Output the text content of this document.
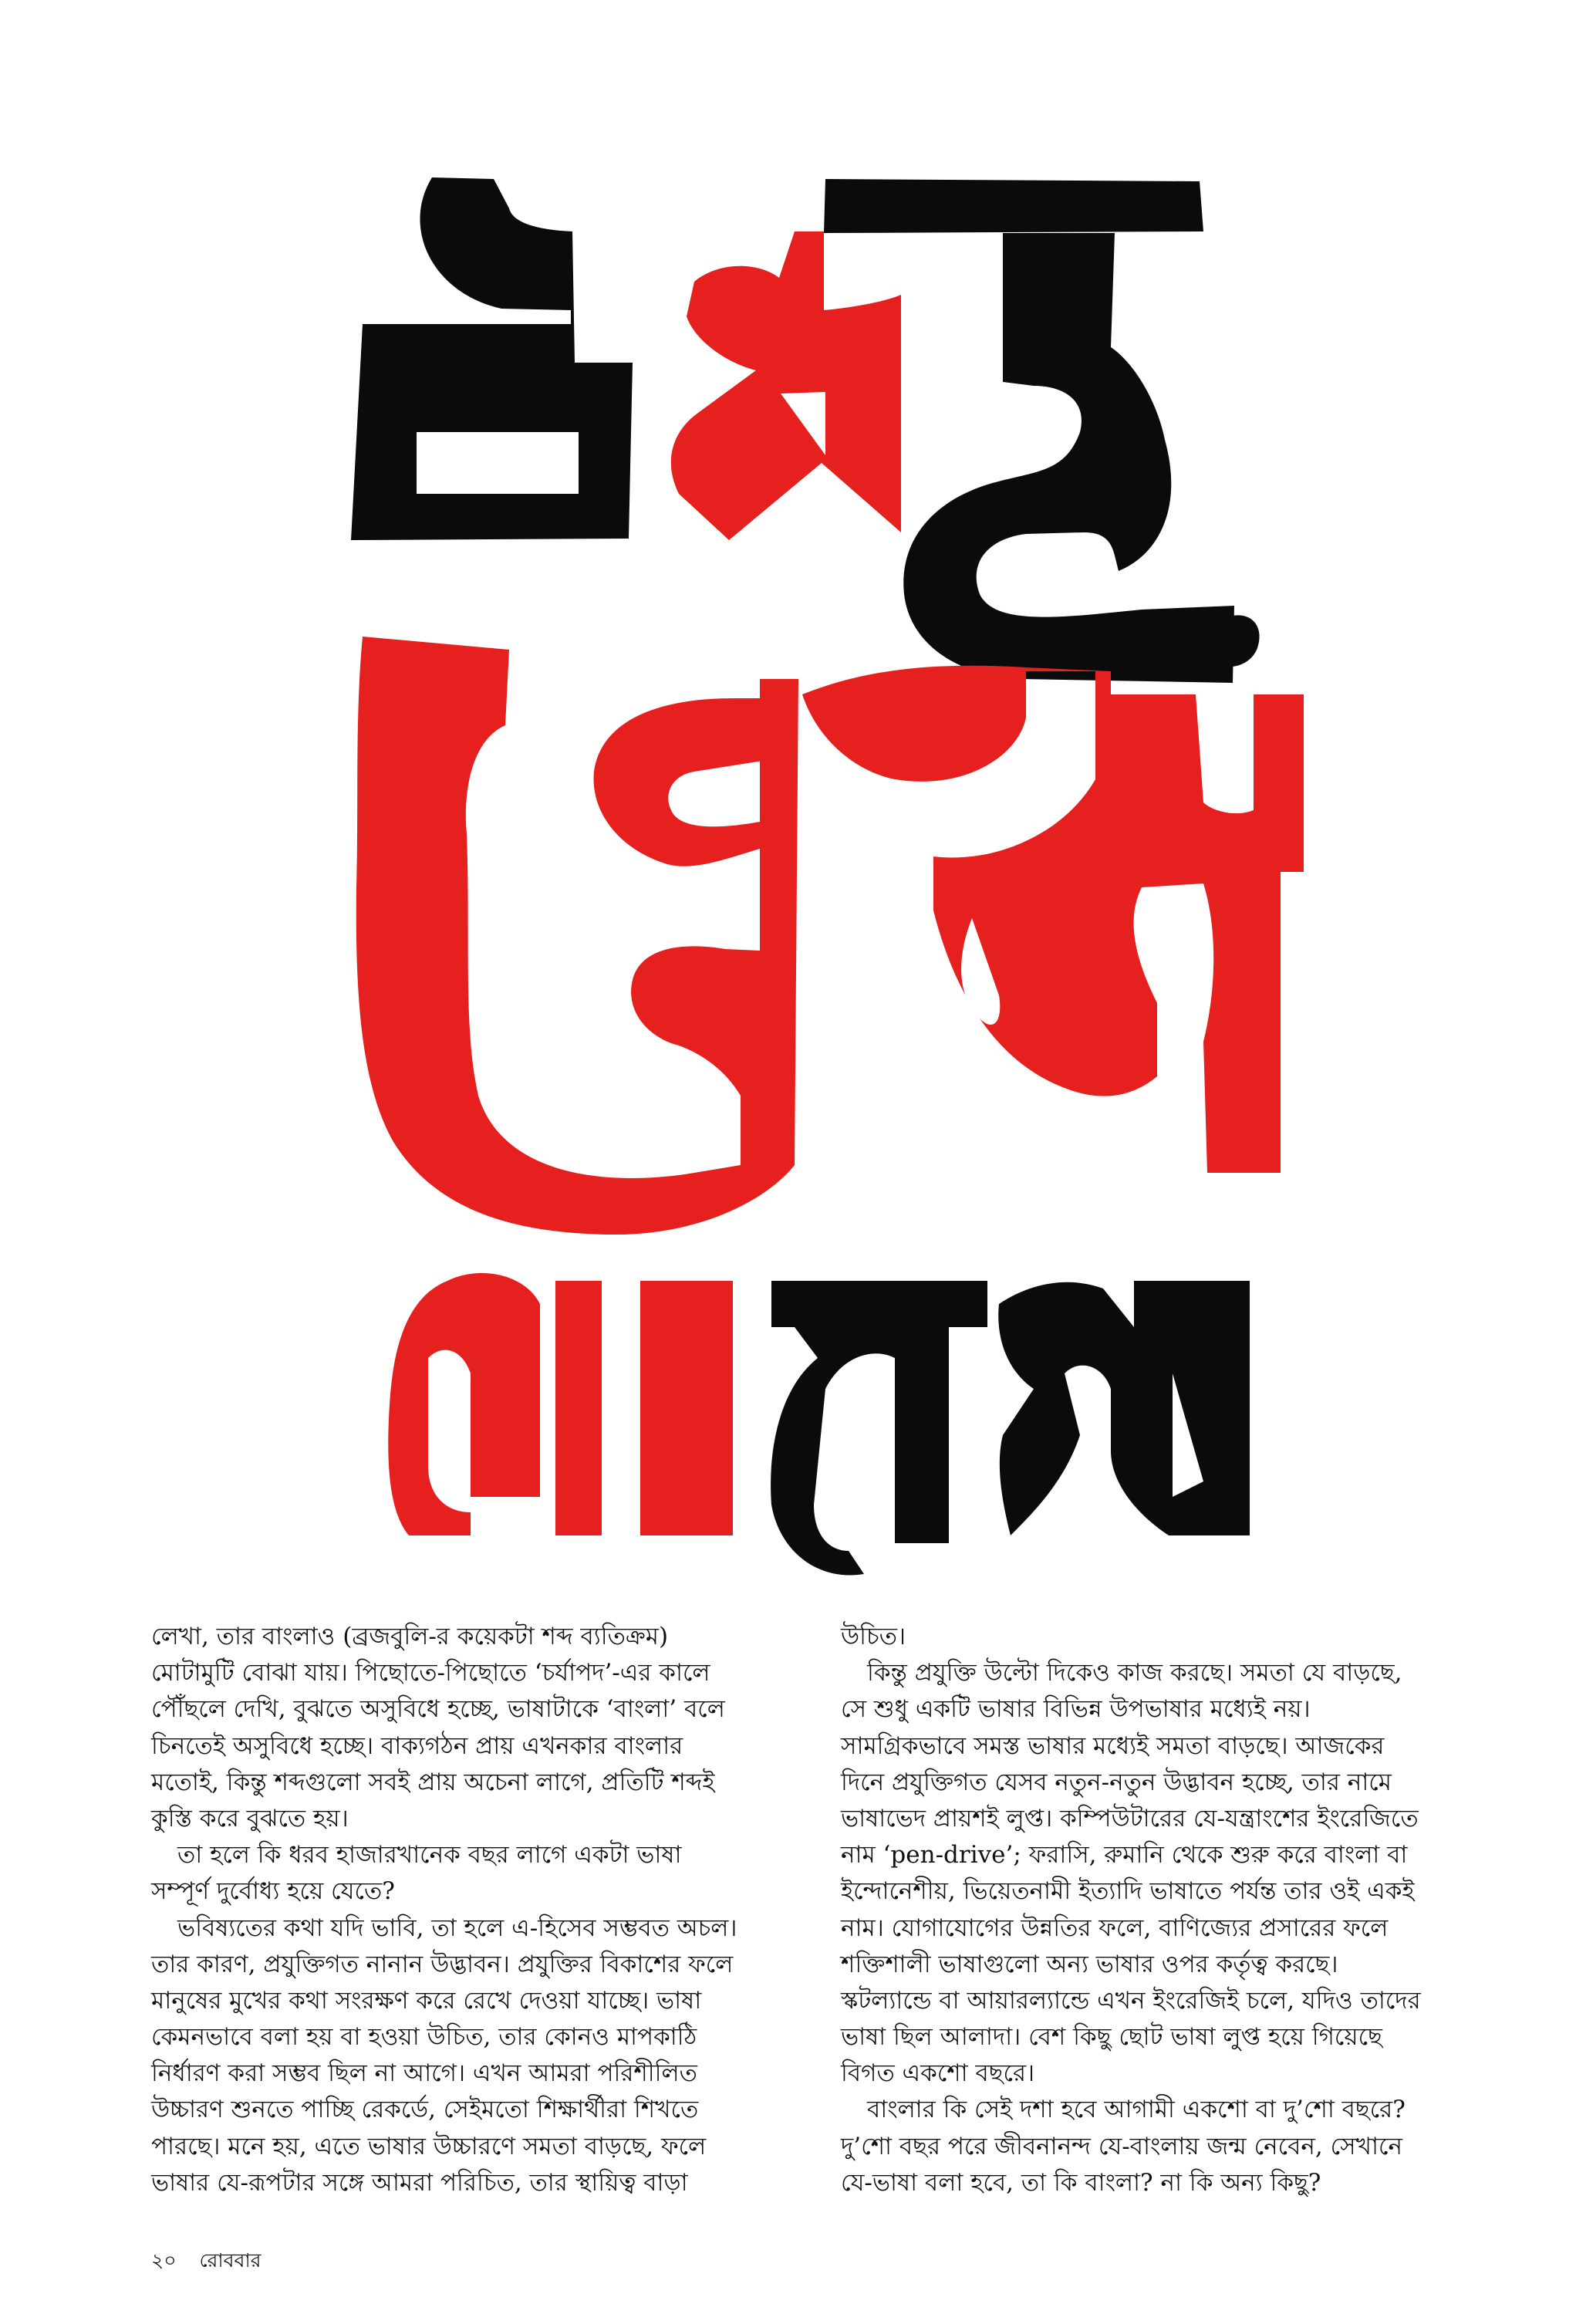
লেখা, তার বাংলাও (ব্রজবুলি-র কয়েকটা শব্দ ব্যতিক্রম)
মোটামুটি বোঝা যায়। পিছোতে-পিছোতে ‘চর্যাপদ’-এর কালে
পৌঁছলে দেখি, বুঝতে অসুবিধে হচ্ছে, ভাষাটাকে ‘বাংলা’ বলে
চিনতেই অসুবিধে হচ্ছে। বাক্যগঠন প্রায় এখনকার বাংলার
মতোই, কিন্তু শব্দগুলো সবই প্রায় অচেনা লাগে, প্রতিটি শব্দই
কুস্তি করে বুঝতে হয়।
তা হলে কি ধরব হাজারখানেক বছর লাগে একটা ভাষা
সম্পূর্ণ দুর্বোধ্য হয়ে যেতে?
ভবিষ্যতের কথা যদি ভাবি, তা হলে এ-হিসেব সম্ভবত অচল।
তার কারণ, প্রযুক্তিগত নানান উদ্ভাবন। প্রযুক্তির বিকাশের ফলে
মানুষের মুখের কথা সংরক্ষণ করে রেখে দেওয়া যাচ্ছে। ভাষা
কেমনভাবে বলা হয় বা হওয়া উচিত, তার কোনও মাপকাঠি
নির্ধারণ করা সম্ভব ছিল না আগে। এখন আমরা পরিশীলিত
উচ্চারণ শুনতে পাচ্ছি রেকর্ডে, সেইমতো শিক্ষার্থীরা শিখতে
পারছে। মনে হয়, এতে ভাষার উচ্চারণে সমতা বাড়ছে, ফলে
ভাষার যে-রূপটার সঙ্গে আমরা পরিচিত, তার স্থায়িত্ব বাড়া
উচিত।
কিন্তু প্রযুক্তি উল্টো দিকেও কাজ করছে। সমতা যে বাড়ছে,
সে শুধু একটি ভাষার বিভিন্ন উপভাষার মধ্যেই নয়।
সামগ্রিকভাবে সমস্ত ভাষার মধ্যেই সমতা বাড়ছে। আজকের
দিনে প্রযুক্তিগত যেসব নতুন-নতুন উদ্ভাবন হচ্ছে, তার নামে
ভাষাভেদ প্রায়শই লুপ্ত। কম্পিউটারের যে-যন্ত্রাংশের ইংরেজিতে
নাম ‘pen-drive’; ফরাসি, রুমানি থেকে শুরু করে বাংলা বা
ইন্দোনেশীয়, ভিয়েতনামী ইত্যাদি ভাষাতে পর্যন্ত তার ওই একই
নাম। যোগাযোগের উন্নতির ফলে, বাণিজ্যের প্রসারের ফলে
শক্তিশালী ভাষাগুলো অন্য ভাষার ওপর কর্তৃত্ব করছে।
স্কটল্যান্ডে বা আয়ারল্যান্ডে এখন ইংরেজিই চলে, যদিও তাদের
ভাষা ছিল আলাদা। বেশ কিছু ছোট ভাষা লুপ্ত হয়ে গিয়েছে
বিগত একশো বছরে।
বাংলার কি সেই দশা হবে আগামী একশো বা দু’শো বছরে?
দু’শো বছর পরে জীবনানন্দ যে-বাংলায় জন্ম নেবেন, সেখানে
যে-ভাষা বলা হবে, তা কি বাংলা? না কি অন্য কিছু?
২০ রোববার
